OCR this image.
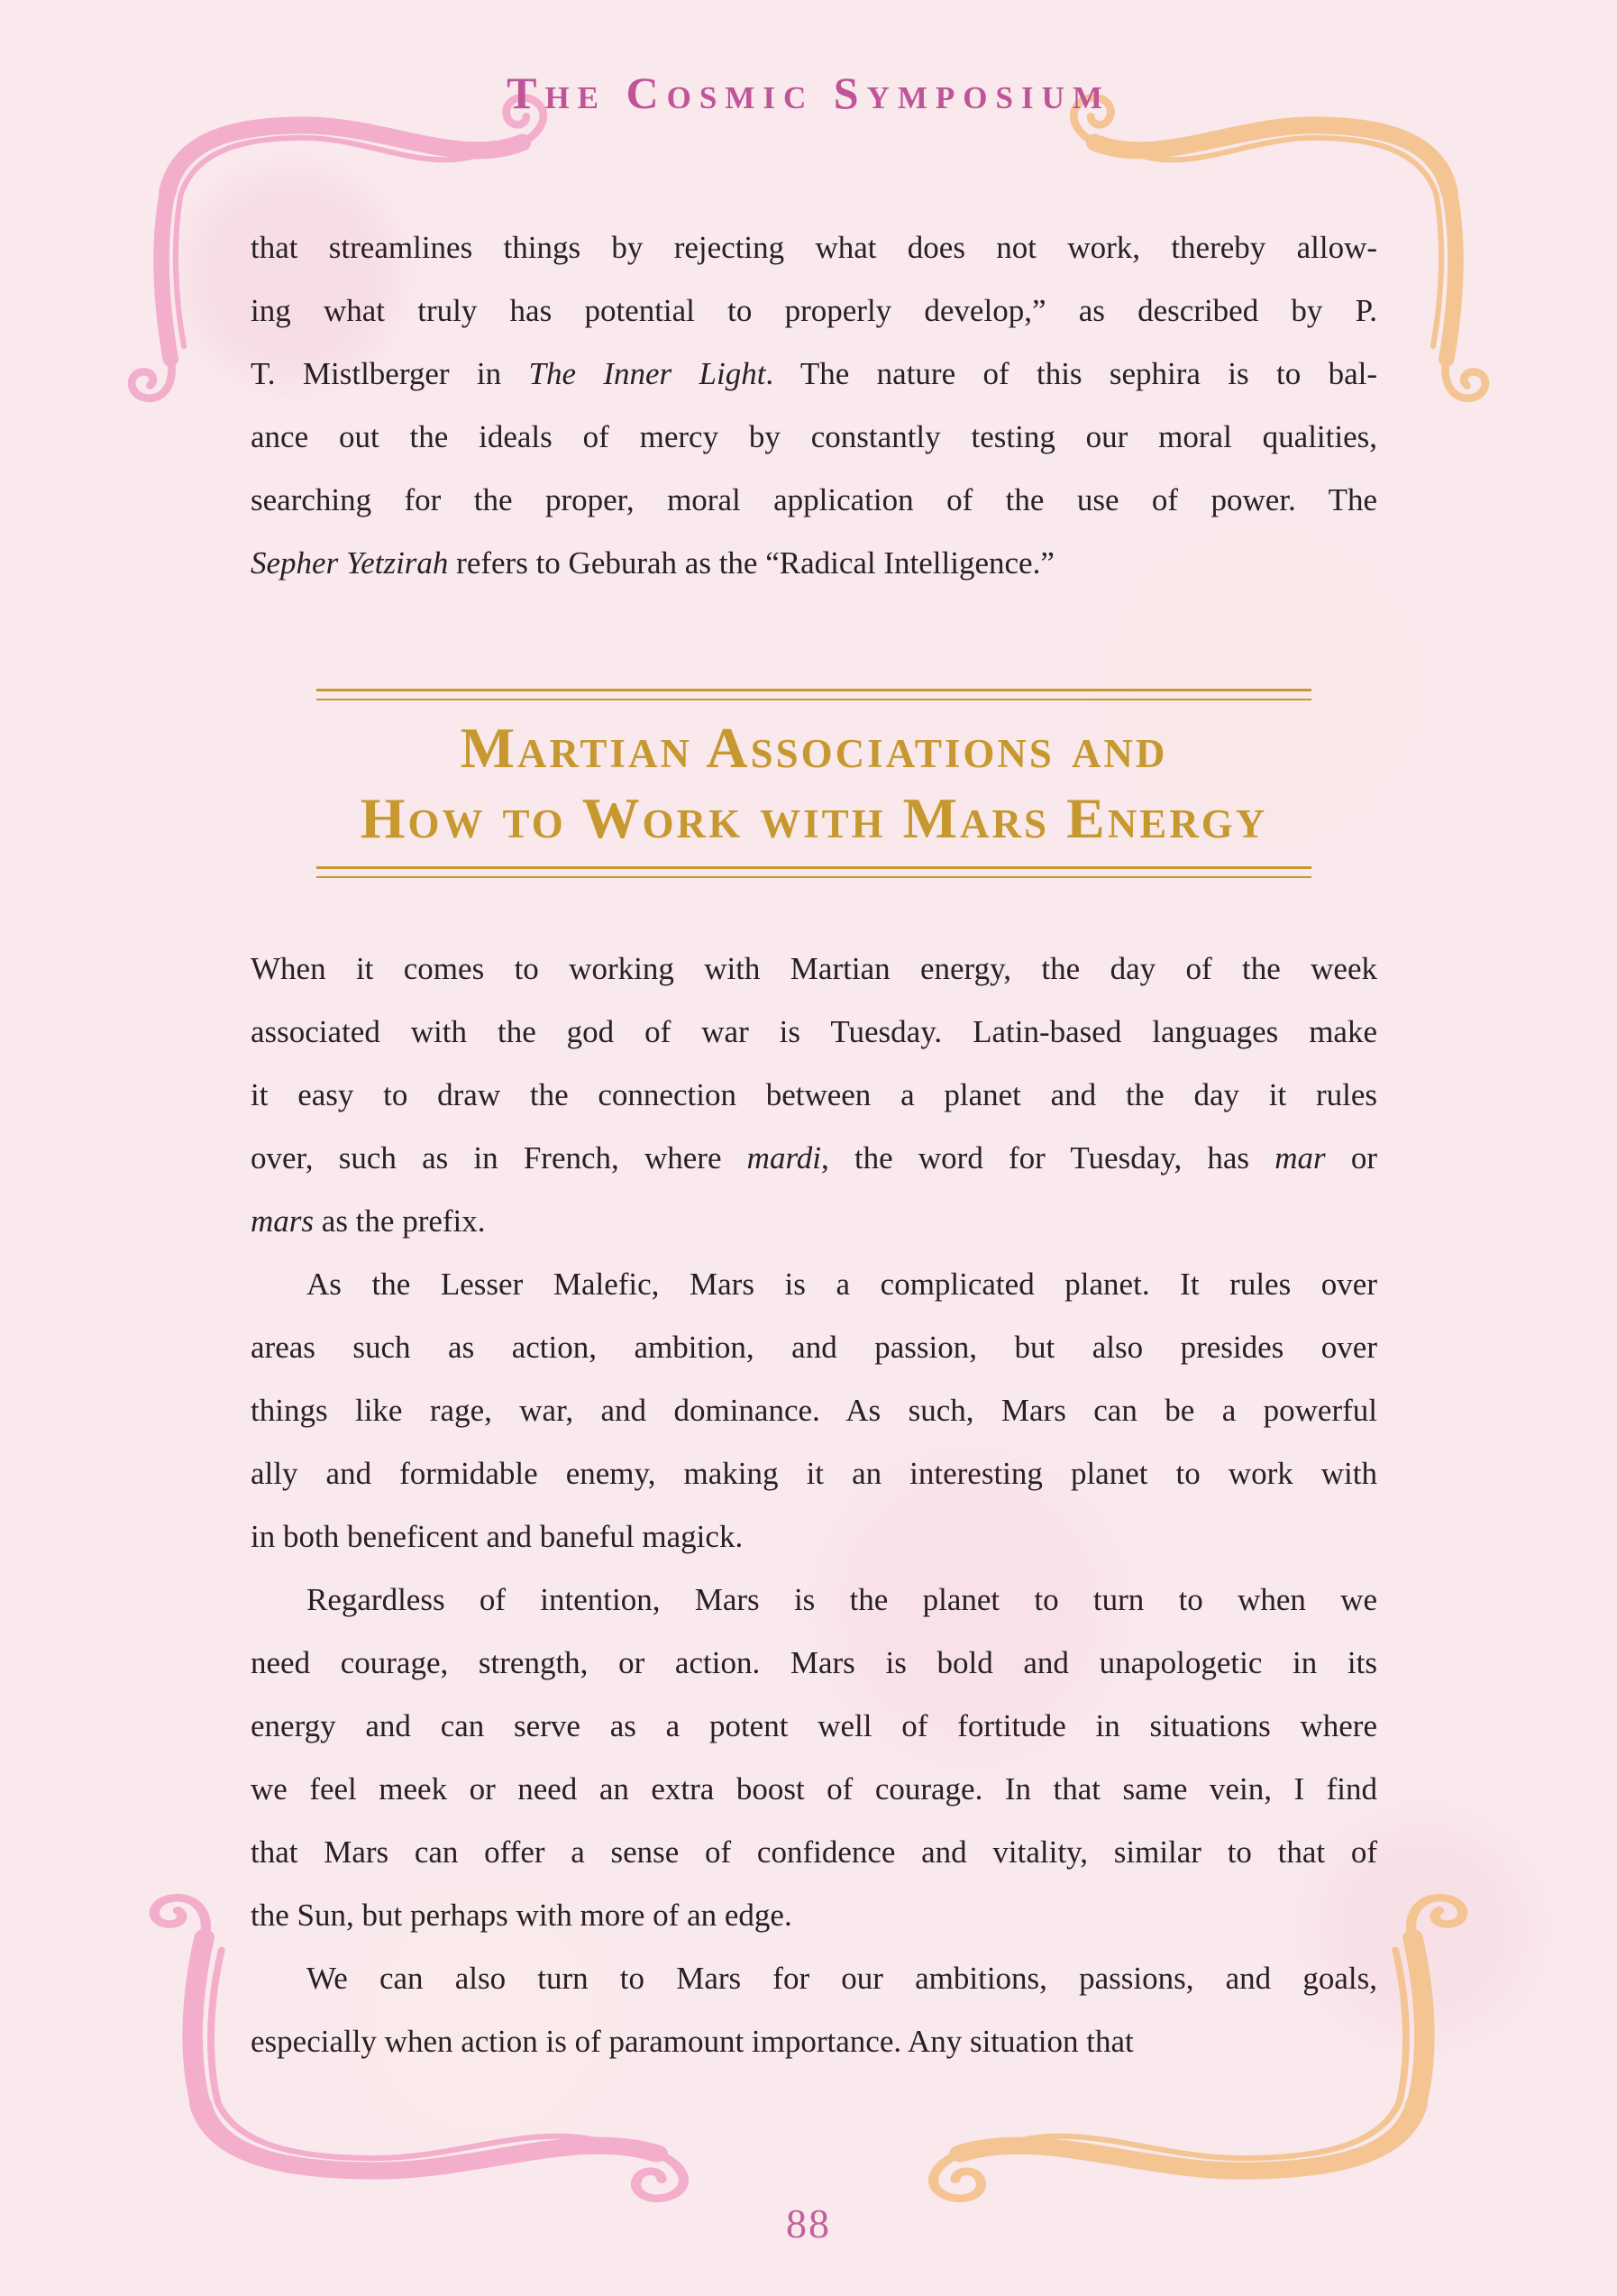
The Cosmic Symposium
that streamlines things by rejecting what does not work, thereby allow-
ing what truly has potential to properly develop,” as described by P.
T. Mistlberger in The Inner Light. The nature of this sephira is to bal-
ance out the ideals of mercy by constantly testing our moral qualities,
searching for the proper, moral application of the use of power. The
Sepher Yetzirah refers to Geburah as the “Radical Intelligence.”
Martian Associations and
How to Work with Mars Energy
When it comes to working with Martian energy, the day of the week
associated with the god of war is Tuesday. Latin-based languages make
it easy to draw the connection between a planet and the day it rules
over, such as in French, where mardi, the word for Tuesday, has mar or
mars as the prefix.
As the Lesser Malefic, Mars is a complicated planet. It rules over
areas such as action, ambition, and passion, but also presides over
things like rage, war, and dominance. As such, Mars can be a powerful
ally and formidable enemy, making it an interesting planet to work with
in both beneficent and baneful magick.
Regardless of intention, Mars is the planet to turn to when we
need courage, strength, or action. Mars is bold and unapologetic in its
energy and can serve as a potent well of fortitude in situations where
we feel meek or need an extra boost of courage. In that same vein, I find
that Mars can offer a sense of confidence and vitality, similar to that of
the Sun, but perhaps with more of an edge.
We can also turn to Mars for our ambitions, passions, and goals,
especially when action is of paramount importance. Any situation that
88
